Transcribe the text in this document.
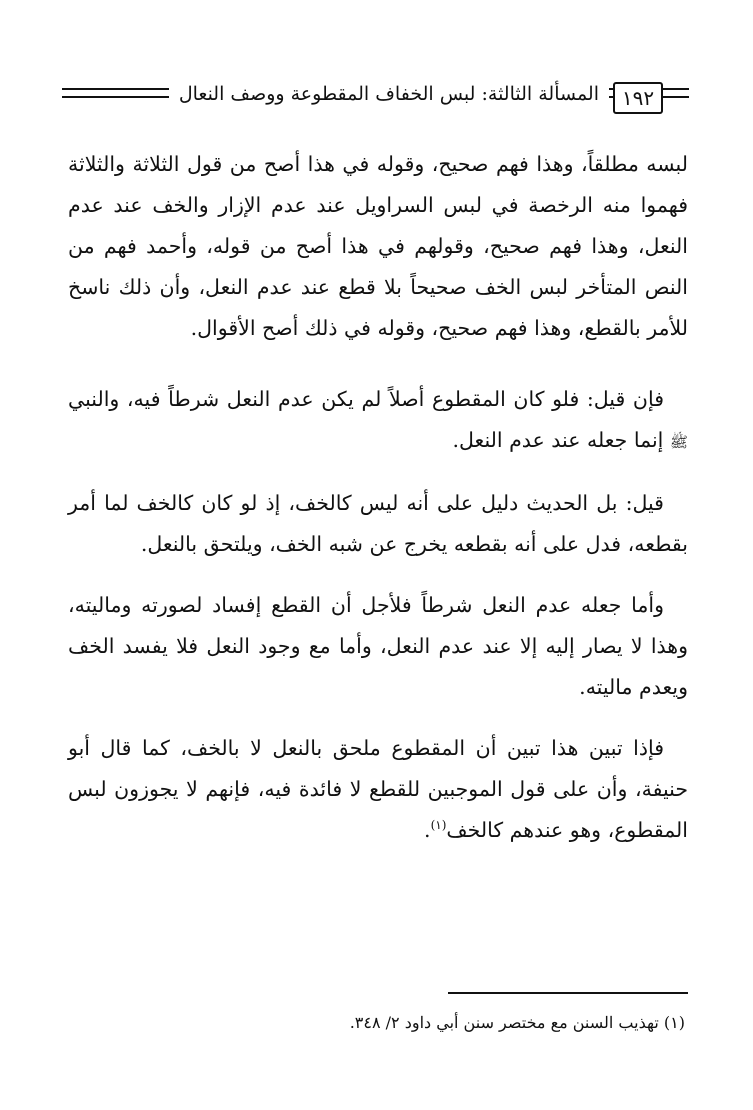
المسألة الثالثة: لبس الخفاف المقطوعة ووصف النعال	١٩٢

لبسه مطلقاً، وهذا فهم صحيح، وقوله في هذا أصح من قول الثلاثة والثلاثة فهموا منه الرخصة في لبس السراويل عند عدم الإزار والخف عند عدم النعل، وهذا فهم صحيح، وقولهم في هذا أصح من قوله، وأحمد فهم من النص المتأخر لبس الخف صحيحاً بلا قطع عند عدم النعل، وأن ذلك ناسخ للأمر بالقطع، وهذا فهم صحيح، وقوله في ذلك أصح الأقوال.

فإن قيل: فلو كان المقطوع أصلاً لم يكن عدم النعل شرطاً فيه، والنبي ﷺ إنما جعله عند عدم النعل.

قيل: بل الحديث دليل على أنه ليس كالخف، إذ لو كان كالخف لما أمر بقطعه، فدل على أنه بقطعه يخرج عن شبه الخف، ويلتحق بالنعل.

وأما جعله عدم النعل شرطاً فلأجل أن القطع إفساد لصورته وماليته، وهذا لا يصار إليه إلا عند عدم النعل، وأما مع وجود النعل فلا يفسد الخف ويعدم ماليته.

فإذا تبين هذا تبين أن المقطوع ملحق بالنعل لا بالخف، كما قال أبو حنيفة، وأن على قول الموجبين للقطع لا فائدة فيه، فإنهم لا يجوزون لبس المقطوع، وهو عندهم كالخف$^{(١)}$.

(١) تهذيب السنن مع مختصر سنن أبي داود ٢/ ٣٤٨.
